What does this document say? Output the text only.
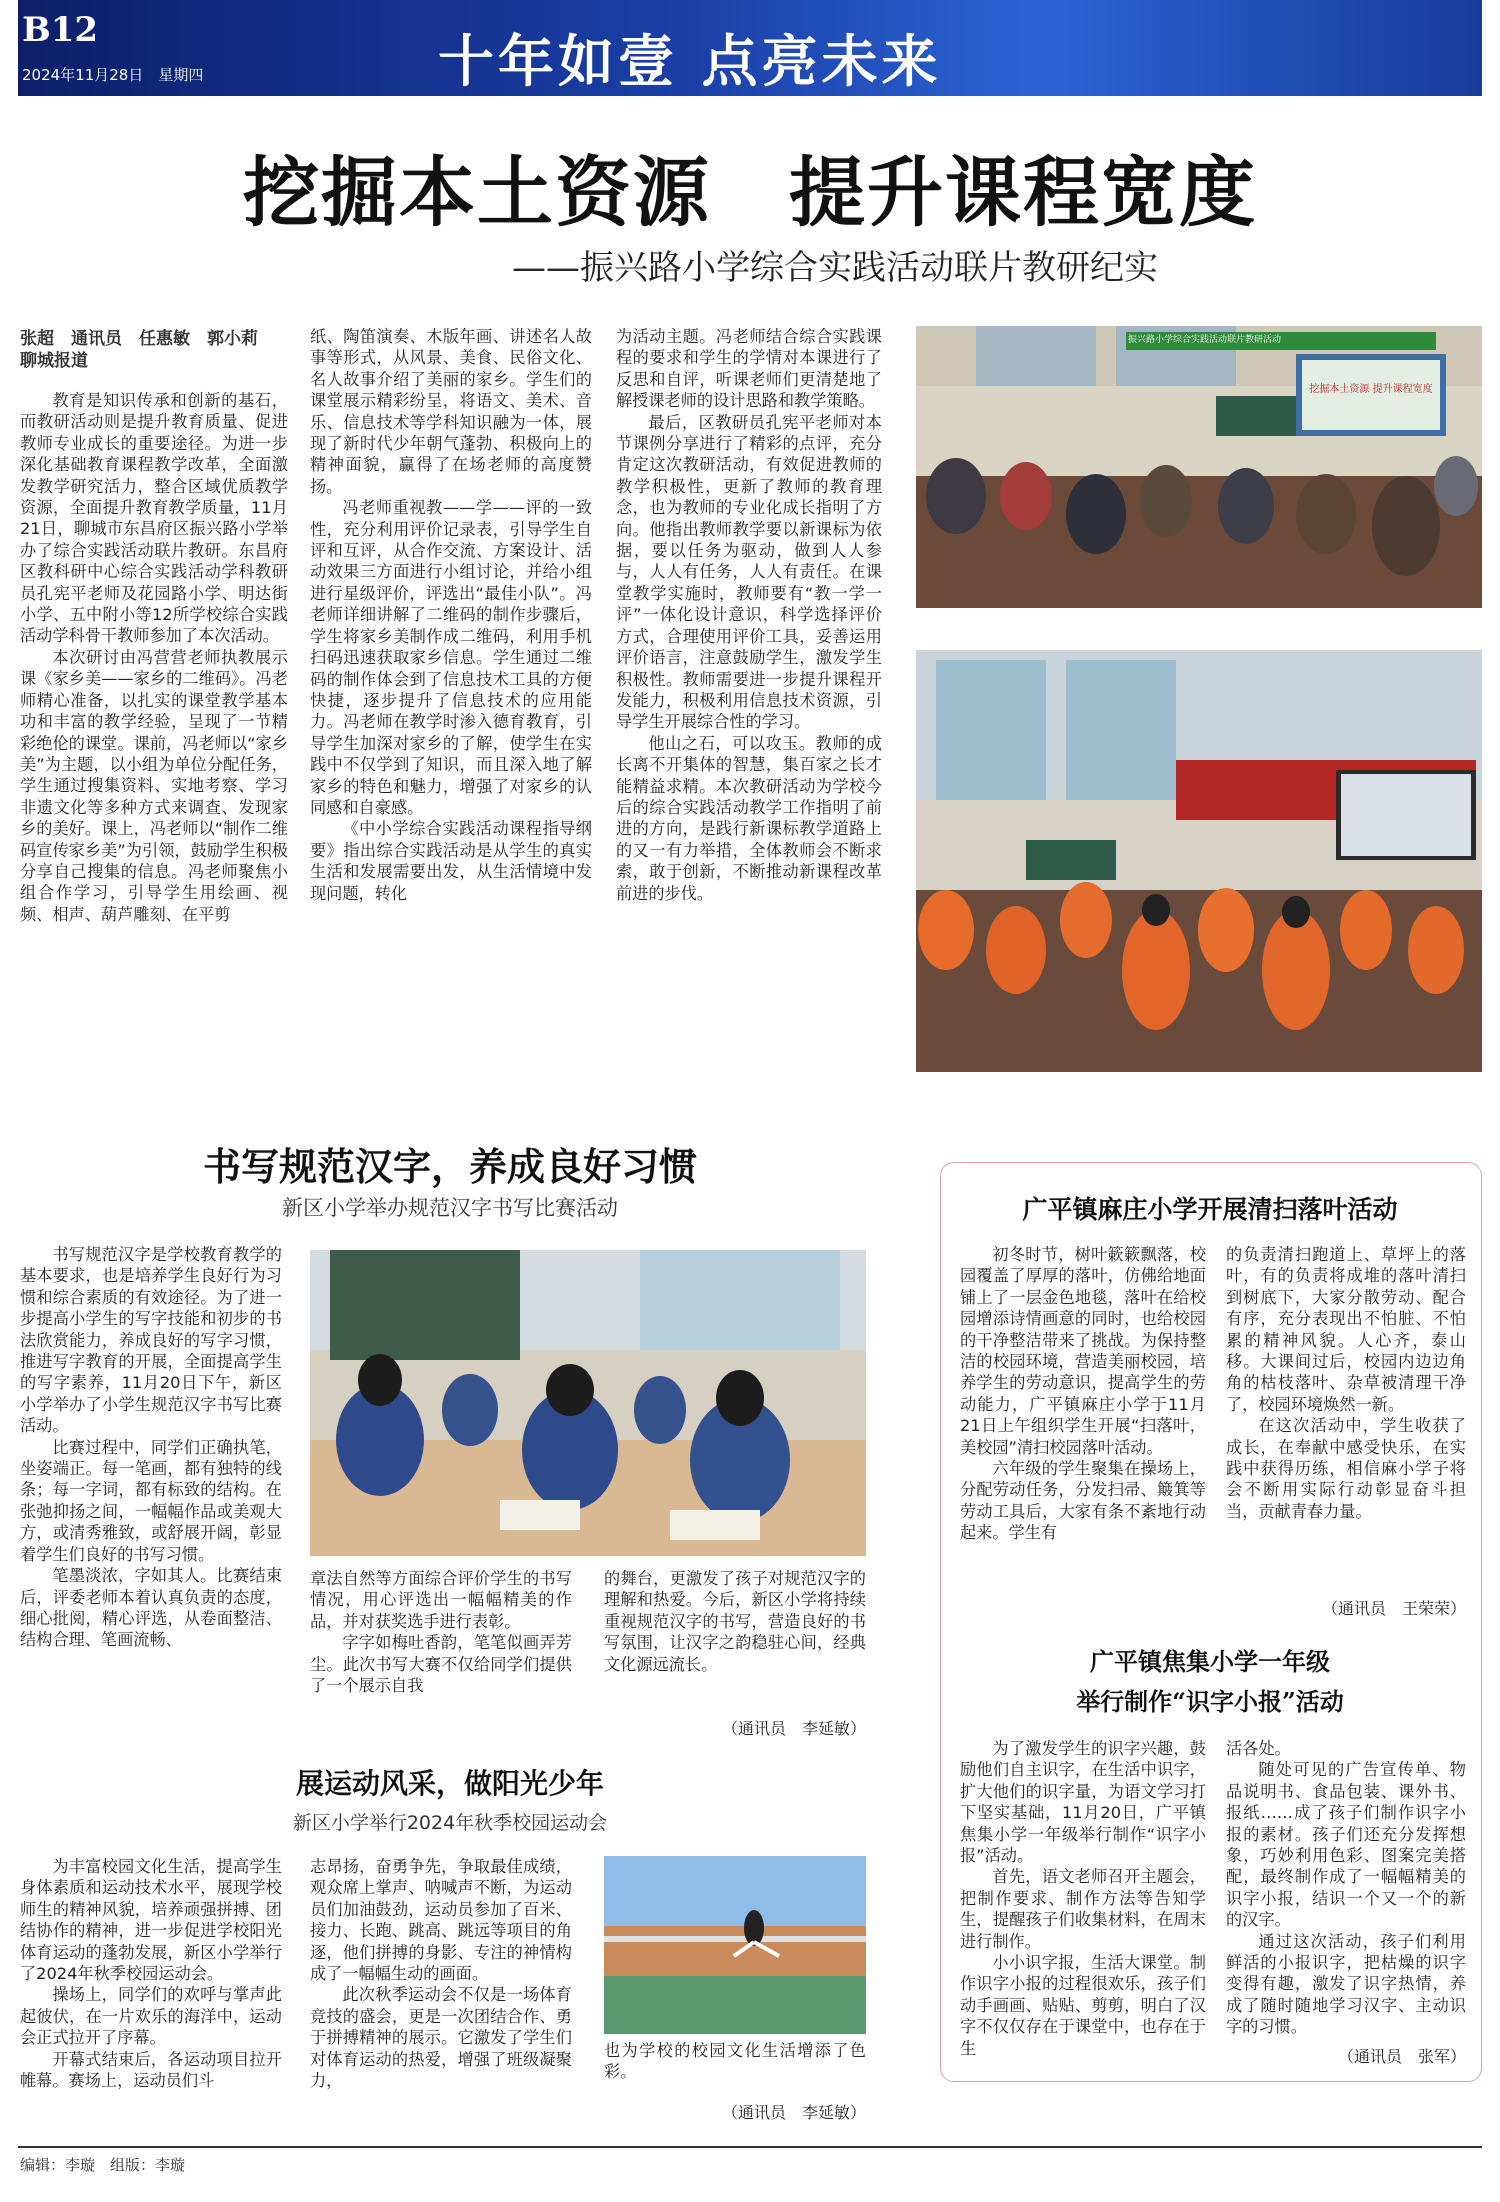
B12
2024年11月28日　星期四	十年如壹 点亮未来
挖掘本土资源　提升课程宽度
——振兴路小学综合实践活动联片教研纪实
张超　通讯员　任惠敏　郭小莉　聊城报道

教育是知识传承和创新的基石，而教研活动则是提升教育质量、促进教师专业成长的重要途径。为进一步深化基础教育课程教学改革，全面激发教学研究活力，整合区域优质教学资源，全面提升教育教学质量，11月21日，聊城市东昌府区振兴路小学举办了综合实践活动联片教研。东昌府区教科研中心综合实践活动学科教研员孔宪平老师及花园路小学、明达街小学、五中附小等12所学校综合实践活动学科骨干教师参加了本次活动。

本次研讨由冯营营老师执教展示课《家乡美——家乡的二维码》。冯老师精心准备，以扎实的课堂教学基本功和丰富的教学经验，呈现了一节精彩绝伦的课堂。课前，冯老师以“家乡美”为主题，以小组为单位分配任务，学生通过搜集资料、实地考察、学习非遗文化等多种方式来调查、发现家乡的美好。课上，冯老师以“制作二维码宣传家乡美”为引领，鼓励学生积极分享自己搜集的信息。冯老师聚焦小组合作学习，引导学生用绘画、视频、相声、葫芦雕刻、在平剪

纸、陶笛演奏、木版年画、讲述名人故事等形式，从风景、美食、民俗文化、名人故事介绍了美丽的家乡。学生们的课堂展示精彩纷呈，将语文、美术、音乐、信息技术等学科知识融为一体，展现了新时代少年朝气蓬勃、积极向上的精神面貌，赢得了在场老师的高度赞扬。

冯老师重视教——学——评的一致性，充分利用评价记录表，引导学生自评和互评，从合作交流、方案设计、活动效果三方面进行小组讨论，并给小组进行星级评价，评选出“最佳小队”。冯老师详细讲解了二维码的制作步骤后，学生将家乡美制作成二维码，利用手机扫码迅速获取家乡信息。学生通过二维码的制作体会到了信息技术工具的方便快捷，逐步提升了信息技术的应用能力。冯老师在教学时渗入德育教育，引导学生加深对家乡的了解，使学生在实践中不仅学到了知识，而且深入地了解家乡的特色和魅力，增强了对家乡的认同感和自豪感。

《中小学综合实践活动课程指导纲要》指出综合实践活动是从学生的真实生活和发展需要出发，从生活情境中发现问题，转化

为活动主题。冯老师结合综合实践课程的要求和学生的学情对本课进行了反思和自评，听课老师们更清楚地了解授课老师的设计思路和教学策略。

最后，区教研员孔宪平老师对本节课例分享进行了精彩的点评，充分肯定这次教研活动，有效促进教师的教学积极性，更新了教师的教育理念，也为教师的专业化成长指明了方向。他指出教师教学要以新课标为依据，要以任务为驱动，做到人人参与，人人有任务，人人有责任。在课堂教学实施时，教师要有“教一学一评”一体化设计意识，科学选择评价方式，合理使用评价工具，妥善运用评价语言，注意鼓励学生，激发学生积极性。教师需要进一步提升课程开发能力，积极利用信息技术资源，引导学生开展综合性的学习。

他山之石，可以攻玉。教师的成长离不开集体的智慧，集百家之长才能精益求精。本次教研活动为学校今后的综合实践活动教学工作指明了前进的方向，是践行新课标教学道路上的又一有力举措，全体教师会不断求索，敢于创新，不断推动新课程改革前进的步伐。

振兴路小学综合实践活动联片教研活动
挖掘本土资源 提升课程宽度
书写规范汉字，养成良好习惯
新区小学举办规范汉字书写比赛活动

书写规范汉字是学校教育教学的基本要求，也是培养学生良好行为习惯和综合素质的有效途径。为了进一步提高小学生的写字技能和初步的书法欣赏能力，养成良好的写字习惯，推进写字教育的开展，全面提高学生的写字素养，11月20日下午，新区小学举办了小学生规范汉字书写比赛活动。

比赛过程中，同学们正确执笔，坐姿端正。每一笔画，都有独特的线条；每一字词，都有标致的结构。在张弛抑扬之间，一幅幅作品或美观大方，或清秀雅致，或舒展开阔，彰显着学生们良好的书写习惯。

笔墨淡浓，字如其人。比赛结束后，评委老师本着认真负责的态度，细心批阅，精心评选，从卷面整洁、结构合理、笔画流畅、

章法自然等方面综合评价学生的书写情况，用心评选出一幅幅精美的作品，并对获奖选手进行表彰。

字字如梅吐香韵，笔笔似画弄芳尘。此次书写大赛不仅给同学们提供了一个展示自我

的舞台，更激发了孩子对规范汉字的理解和热爱。今后，新区小学将持续重视规范汉字的书写，营造良好的书写氛围，让汉字之韵稳驻心间，经典文化源远流长。

（通讯员　李延敏）
展运动风采，做阳光少年
新区小学举行2024年秋季校园运动会

为丰富校园文化生活，提高学生身体素质和运动技术水平，展现学校师生的精神风貌，培养顽强拼搏、团结协作的精神，进一步促进学校阳光体育运动的蓬勃发展，新区小学举行了2024年秋季校园运动会。

操场上，同学们的欢呼与掌声此起彼伏，在一片欢乐的海洋中，运动会正式拉开了序幕。

开幕式结束后，各运动项目拉开帷幕。赛场上，运动员们斗

志昂扬，奋勇争先，争取最佳成绩，观众席上掌声、呐喊声不断，为运动员们加油鼓劲，运动员参加了百米、接力、长跑、跳高、跳远等项目的角逐，他们拼搏的身影、专注的神情构成了一幅幅生动的画面。

此次秋季运动会不仅是一场体育竞技的盛会，更是一次团结合作、勇于拼搏精神的展示。它激发了学生们对体育运动的热爱，增强了班级凝聚力，

也为学校的校园文化生活增添了色彩。

（通讯员　李延敏）
广平镇麻庄小学开展清扫落叶活动

初冬时节，树叶簌簌飘落，校园覆盖了厚厚的落叶，仿佛给地面铺上了一层金色地毯，落叶在给校园增添诗情画意的同时，也给校园的干净整洁带来了挑战。为保持整洁的校园环境，营造美丽校园，培养学生的劳动意识，提高学生的劳动能力，广平镇麻庄小学于11月21日上午组织学生开展“扫落叶，美校园”清扫校园落叶活动。

六年级的学生聚集在操场上，分配劳动任务，分发扫帚、簸箕等劳动工具后，大家有条不紊地行动起来。学生有

的负责清扫跑道上、草坪上的落叶，有的负责将成堆的落叶清扫到树底下，大家分散劳动、配合有序，充分表现出不怕脏、不怕累的精神风貌。人心齐，泰山移。大课间过后，校园内边边角角的枯枝落叶、杂草被清理干净了，校园环境焕然一新。

在这次活动中，学生收获了成长，在奉献中感受快乐，在实践中获得历练，相信麻小学子将会不断用实际行动彰显奋斗担当，贡献青春力量。

（通讯员　王荣荣）
广平镇焦集小学一年级
举行制作“识字小报”活动

为了激发学生的识字兴趣，鼓励他们自主识字，在生活中识字，扩大他们的识字量，为语文学习打下坚实基础，11月20日，广平镇焦集小学一年级举行制作“识字小报”活动。

首先，语文老师召开主题会，把制作要求、制作方法等告知学生，提醒孩子们收集材料，在周末进行制作。

小小识字报，生活大课堂。制作识字小报的过程很欢乐，孩子们动手画画、贴贴、剪剪，明白了汉字不仅仅存在于课堂中，也存在于生

活各处。

随处可见的广告宣传单、物品说明书、食品包装、课外书、报纸……成了孩子们制作识字小报的素材。孩子们还充分发挥想象，巧妙利用色彩、图案完美搭配，最终制作成了一幅幅精美的识字小报，结识一个又一个的新的汉字。

通过这次活动，孩子们利用鲜活的小报识字，把枯燥的识字变得有趣，激发了识字热情，养成了随时随地学习汉字、主动识字的习惯。

（通讯员　张军）
编辑：李璇　组版：李璇
